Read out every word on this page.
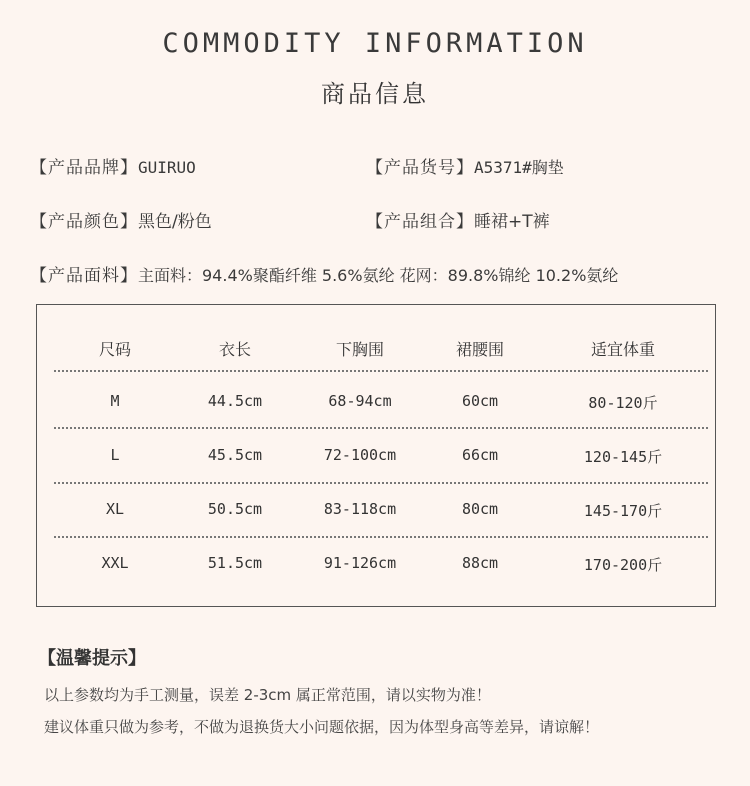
COMMODITY INFORMATION
商品信息
【产品品牌】GUIRUO	【产品货号】A5371#胸垫
【产品颜色】黑色/粉色	【产品组合】睡裙+T裤
【产品面料】主面料：94.4%聚酯纤维 5.6%氨纶 花网：89.8%锦纶 10.2%氨纶
尺码	衣长	下胸围	裙腰围	适宜体重
M	44.5cm	68-94cm	60cm	80-120斤
L	45.5cm	72-100cm	66cm	120-145斤
XL	50.5cm	83-118cm	80cm	145-170斤
XXL	51.5cm	91-126cm	88cm	170-200斤
【温馨提示】
以上参数均为手工测量，误差 2-3cm 属正常范围，请以实物为准！
建议体重只做为参考，不做为退换货大小问题依据，因为体型身高等差异，请谅解！
